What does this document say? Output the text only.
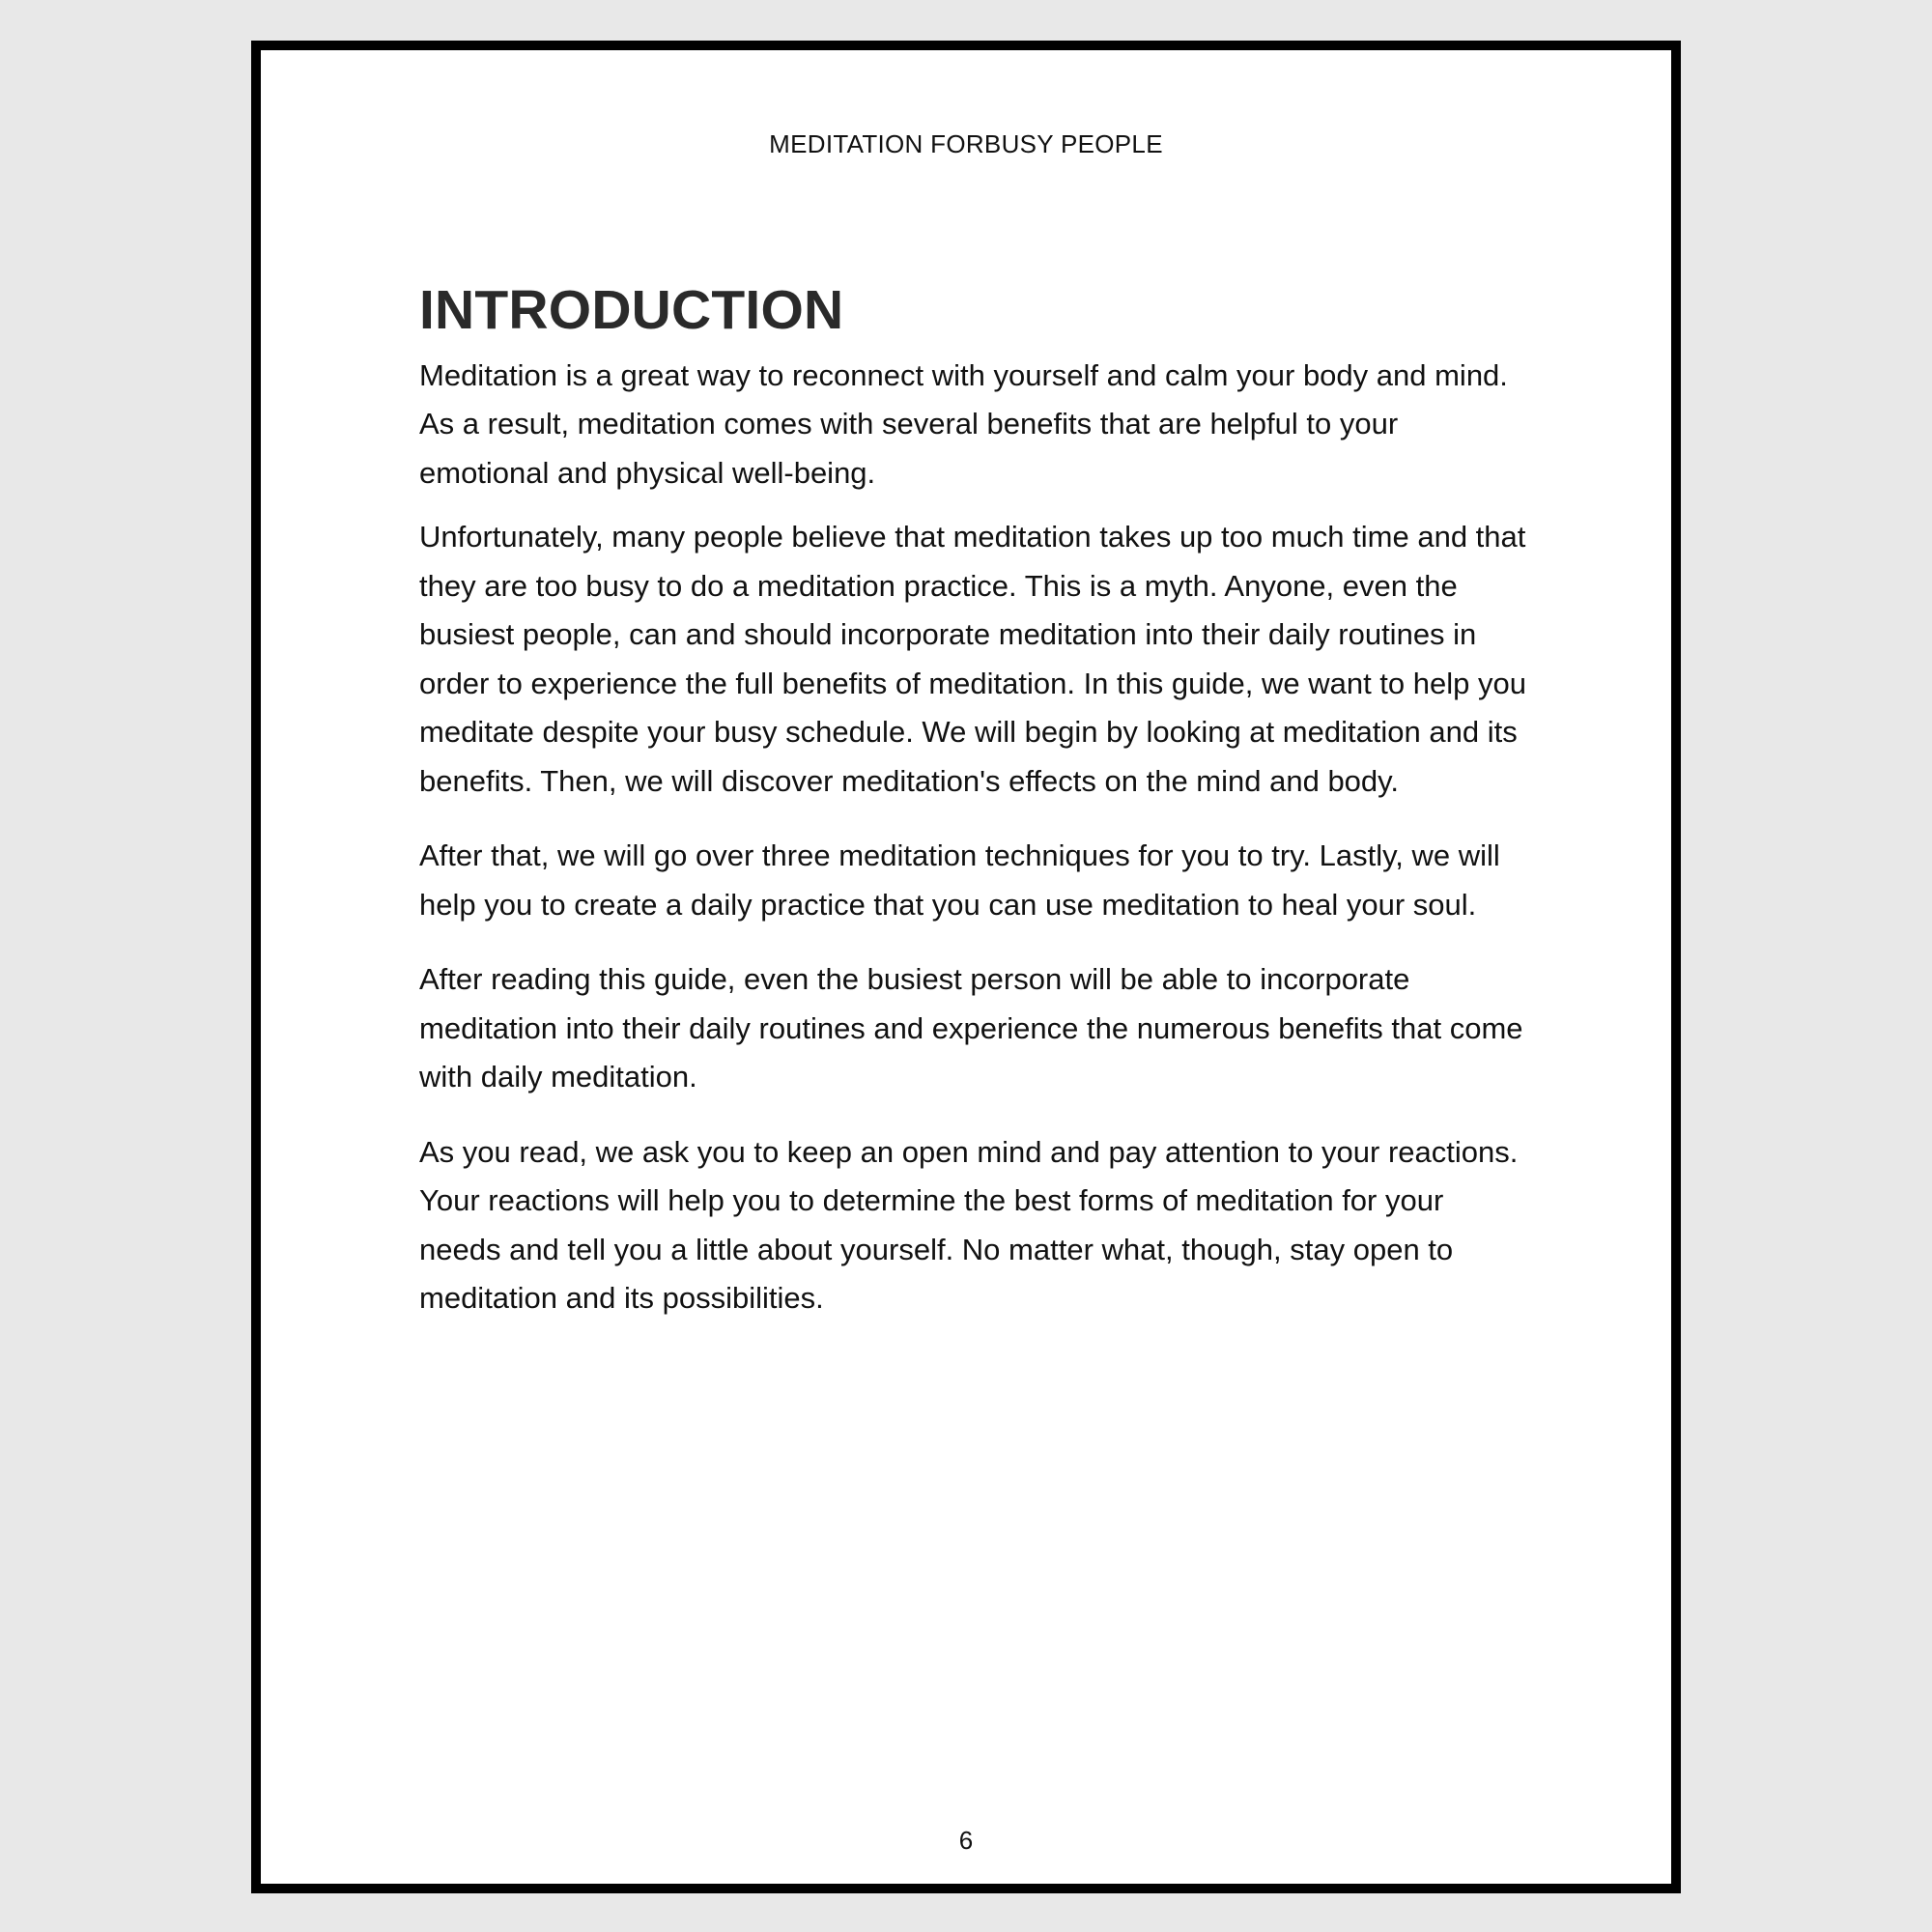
MEDITATION FORBUSY PEOPLE
INTRODUCTION

Meditation is a great way to reconnect with yourself and calm your body and mind. As a result, meditation comes with several benefits that are helpful to your emotional and physical well-being.

Unfortunately, many people believe that meditation takes up too much time and that they are too busy to do a meditation practice. This is a myth. Anyone, even the busiest people, can and should incorporate meditation into their daily routines in order to experience the full benefits of meditation. In this guide, we want to help you meditate despite your busy schedule. We will begin by looking at meditation and its benefits. Then, we will discover meditation's effects on the mind and body.

After that, we will go over three meditation techniques for you to try. Lastly, we will help you to create a daily practice that you can use meditation to heal your soul.

After reading this guide, even the busiest person will be able to incorporate meditation into their daily routines and experience the numerous benefits that come with daily meditation.

As you read, we ask you to keep an open mind and pay attention to your reactions. Your reactions will help you to determine the best forms of meditation for your needs and tell you a little about yourself. No matter what, though, stay open to meditation and its possibilities.

6
